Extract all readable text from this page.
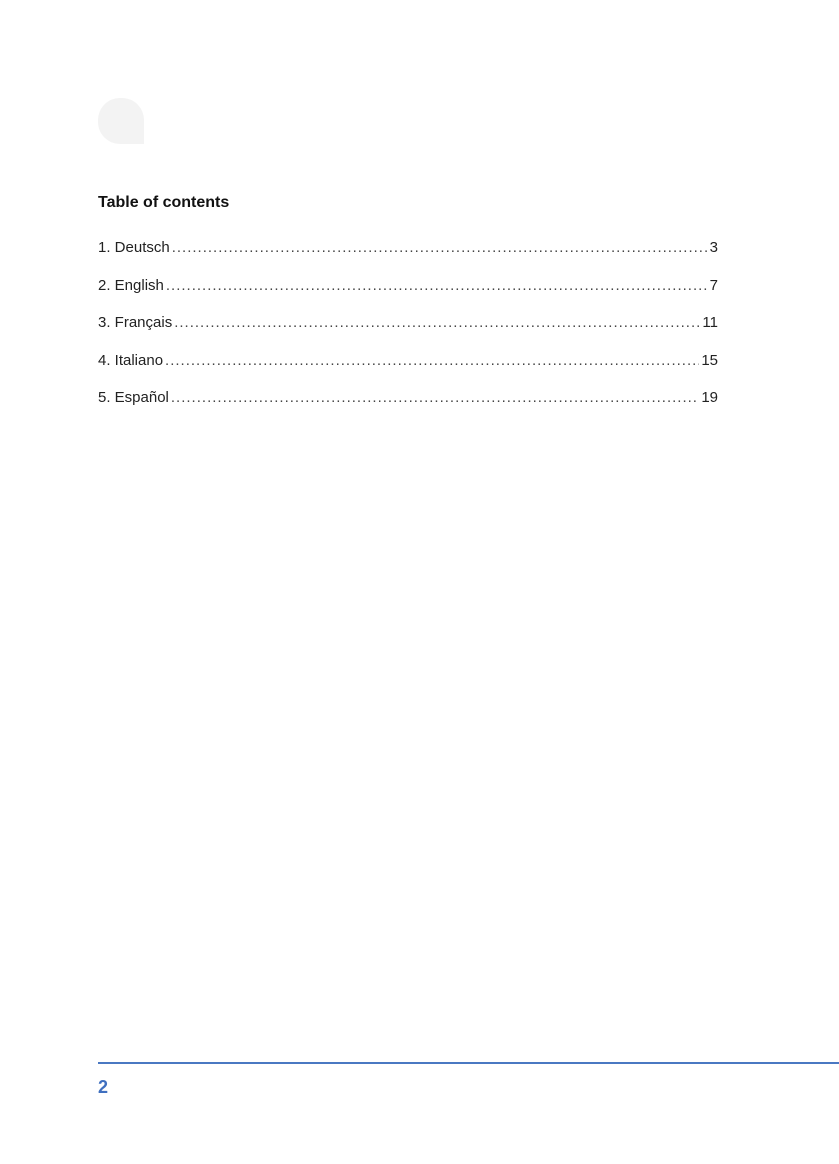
Table of contents
1. Deutsch .....	3
2. English .....	7
3. Français .....	11
4. Italiano .....	15
5. Español .....	19
2
